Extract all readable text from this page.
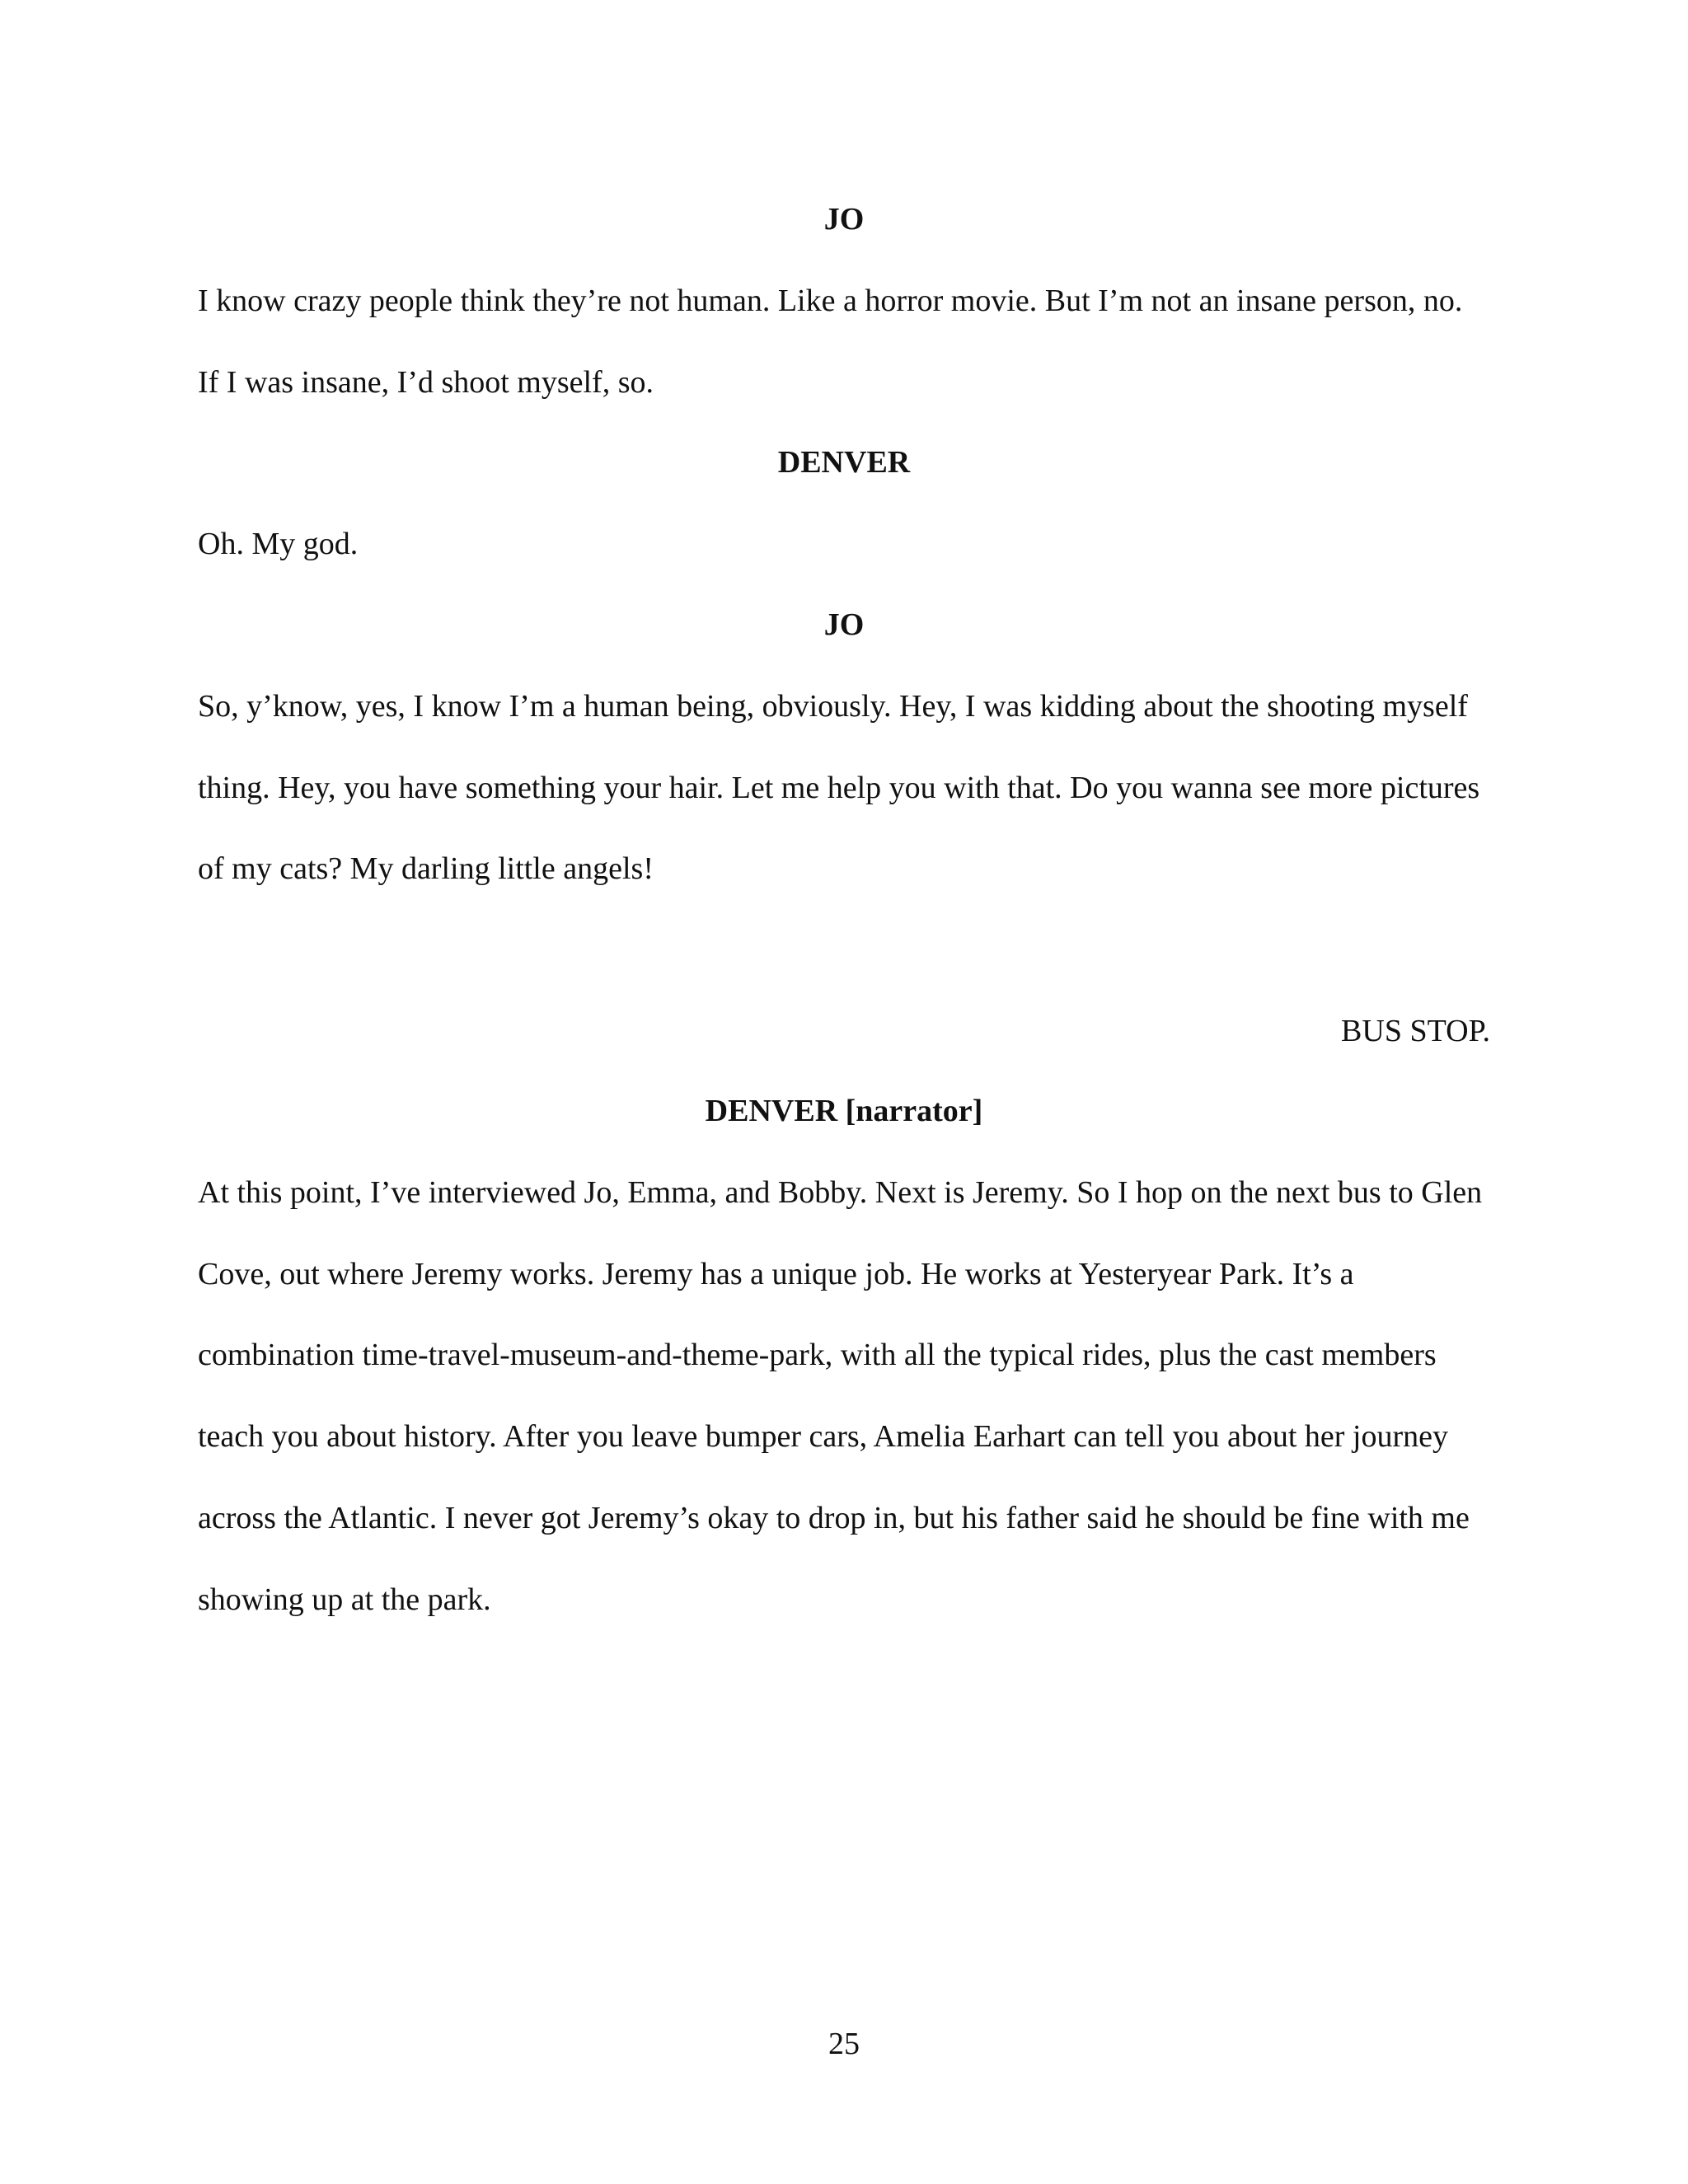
JO

I know crazy people think they’re not human. Like a horror movie. But I’m not an insane person, no. If I was insane, I’d shoot myself, so.

DENVER

Oh. My god.

JO

So, y’know, yes, I know I’m a human being, obviously. Hey, I was kidding about the shooting myself thing. Hey, you have something your hair. Let me help you with that. Do you wanna see more pictures of my cats? My darling little angels!

BUS STOP.
DENVER [narrator]

At this point, I’ve interviewed Jo, Emma, and Bobby. Next is Jeremy. So I hop on the next bus to Glen Cove, out where Jeremy works. Jeremy has a unique job. He works at Yesteryear Park. It’s a combination time-travel-museum-and-theme-park, with all the typical rides, plus the cast members teach you about history. After you leave bumper cars, Amelia Earhart can tell you about her journey across the Atlantic. I never got Jeremy’s okay to drop in, but his father said he should be fine with me showing up at the park.

25
